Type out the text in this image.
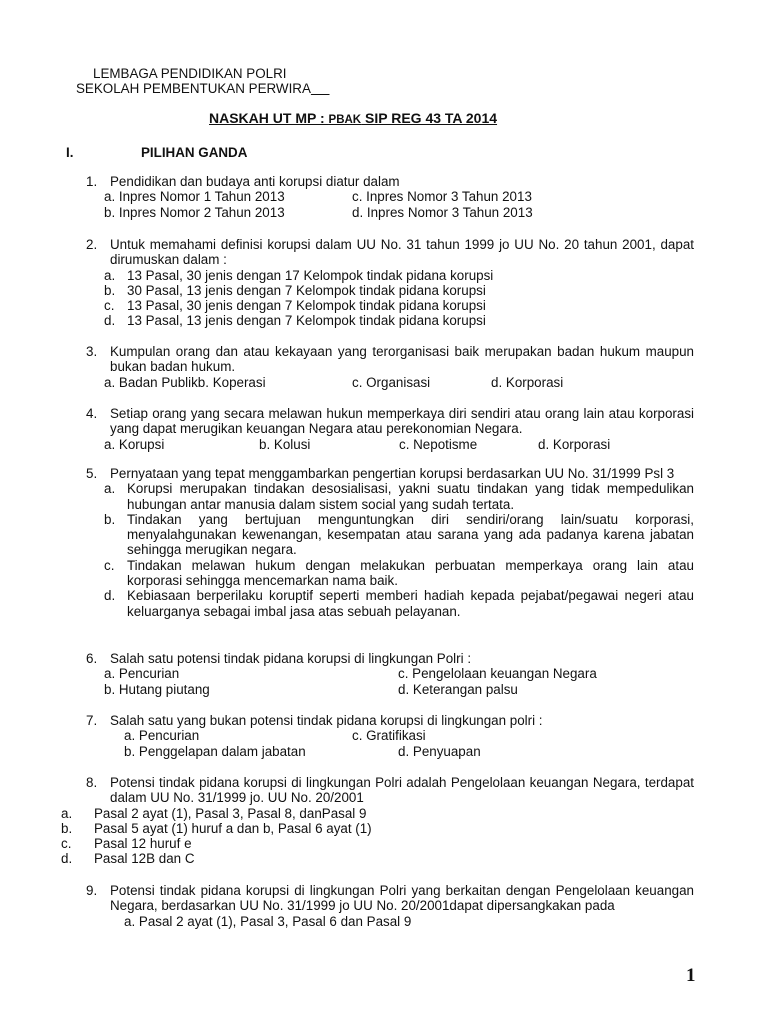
LEMBAGA PENDIDIKAN POLRI
SEKOLAH PEMBENTUKAN PERWIRA
NASKAH UT MP : PBAK SIP REG 43 TA 2014
I.	PILIHAN GANDA
1. Pendidikan dan budaya anti korupsi diatur dalam
a. Inpres Nomor 1 Tahun 2013	c. Inpres Nomor 3 Tahun 2013
b. Inpres Nomor 2 Tahun 2013	d. Inpres Nomor 3 Tahun 2013
2. Untuk memahami definisi korupsi dalam UU No. 31 tahun 1999 jo UU No. 20 tahun 2001, dapat dirumuskan dalam :
a. 13 Pasal, 30 jenis dengan 17 Kelompok tindak pidana korupsi
b. 30 Pasal, 13 jenis dengan 7 Kelompok tindak pidana korupsi
c. 13 Pasal, 30 jenis dengan 7 Kelompok tindak pidana korupsi
d. 13 Pasal, 13 jenis dengan 7 Kelompok tindak pidana korupsi
3. Kumpulan orang dan atau kekayaan yang terorganisasi baik merupakan badan hukum maupun bukan badan hukum.
a. Badan Publikb. Koperasi	c. Organisasi	d. Korporasi
4. Setiap orang yang secara melawan hukun memperkaya diri sendiri atau orang lain atau korporasi yang dapat merugikan keuangan Negara atau perekonomian Negara.
a. Korupsi	b. Kolusi	c. Nepotisme	d. Korporasi
5. Pernyataan yang tepat menggambarkan pengertian korupsi berdasarkan UU No. 31/1999 Psl 3
a. Korupsi merupakan tindakan desosialisasi, yakni suatu tindakan yang tidak mempedulikan hubungan antar manusia dalam sistem social yang sudah tertata.
b. Tindakan yang bertujuan menguntungkan diri sendiri/orang lain/suatu korporasi, menyalahgunakan kewenangan, kesempatan atau sarana yang ada padanya karena jabatan sehingga merugikan negara.
c. Tindakan melawan hukum dengan melakukan perbuatan memperkaya orang lain atau korporasi sehingga mencemarkan nama baik.
d. Kebiasaan berperilaku koruptif seperti memberi hadiah kepada pejabat/pegawai negeri atau keluarganya sebagai imbal jasa atas sebuah pelayanan.
6. Salah satu potensi tindak pidana korupsi di lingkungan Polri :
a. Pencurian	c. Pengelolaan keuangan Negara
b. Hutang piutang	d. Keterangan palsu
7. Salah satu yang bukan potensi tindak pidana korupsi di lingkungan polri :
a. Pencurian	c. Gratifikasi
b. Penggelapan dalam jabatan	d. Penyuapan
8. Potensi tindak pidana korupsi di lingkungan Polri adalah Pengelolaan keuangan Negara, terdapat dalam UU No. 31/1999 jo. UU No. 20/2001
a.	Pasal 2 ayat (1), Pasal 3, Pasal 8, danPasal 9
b.	Pasal 5 ayat (1) huruf a dan b, Pasal 6 ayat (1)
c.	Pasal 12 huruf e
d.	Pasal 12B dan C
9. Potensi tindak pidana korupsi di lingkungan Polri yang berkaitan dengan Pengelolaan keuangan Negara, berdasarkan UU No. 31/1999 jo UU No. 20/2001dapat dipersangkakan pada
a. Pasal 2 ayat (1), Pasal 3, Pasal 6 dan Pasal 9
1
